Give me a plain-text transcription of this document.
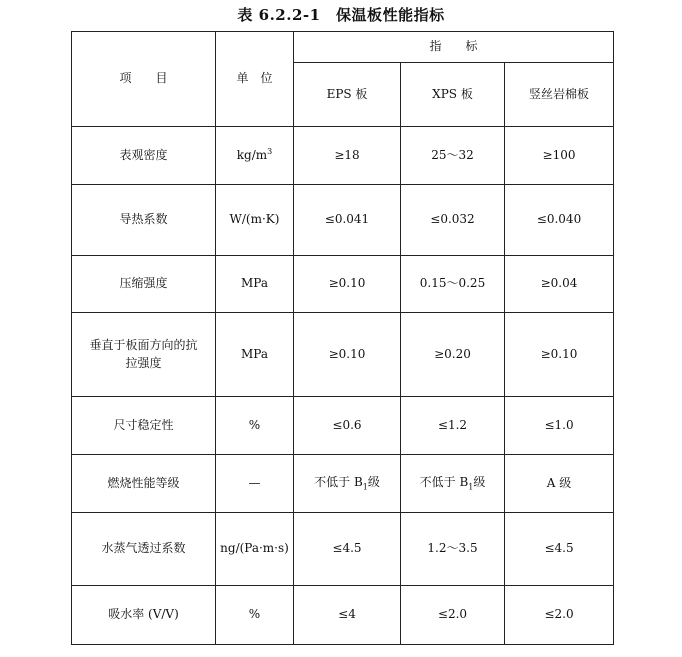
表 6.2.2-1　保温板性能指标
项　　目	单　位	指　　标		
		EPS 板	XPS 板	竖丝岩棉板
表观密度	$kg/m^3$	≥18	25～32	≥100
导热系数	W/(m·K)	≤0.041	≤0.032	≤0.040
压缩强度	MPa	≥0.10	0.15～0.25	≥0.04
垂直于板面方向的抗拉强度	MPa	≥0.10	≥0.20	≥0.10
尺寸稳定性	%	≤0.6	≤1.2	≤1.0
燃烧性能等级	—	不低于 $B_1$级	不低于 $B_1$级	A 级
水蒸气透过系数	ng/(Pa·m·s)	≤4.5	1.2～3.5	≤4.5
吸水率 (V/V)	%	≤4	≤2.0	≤2.0
